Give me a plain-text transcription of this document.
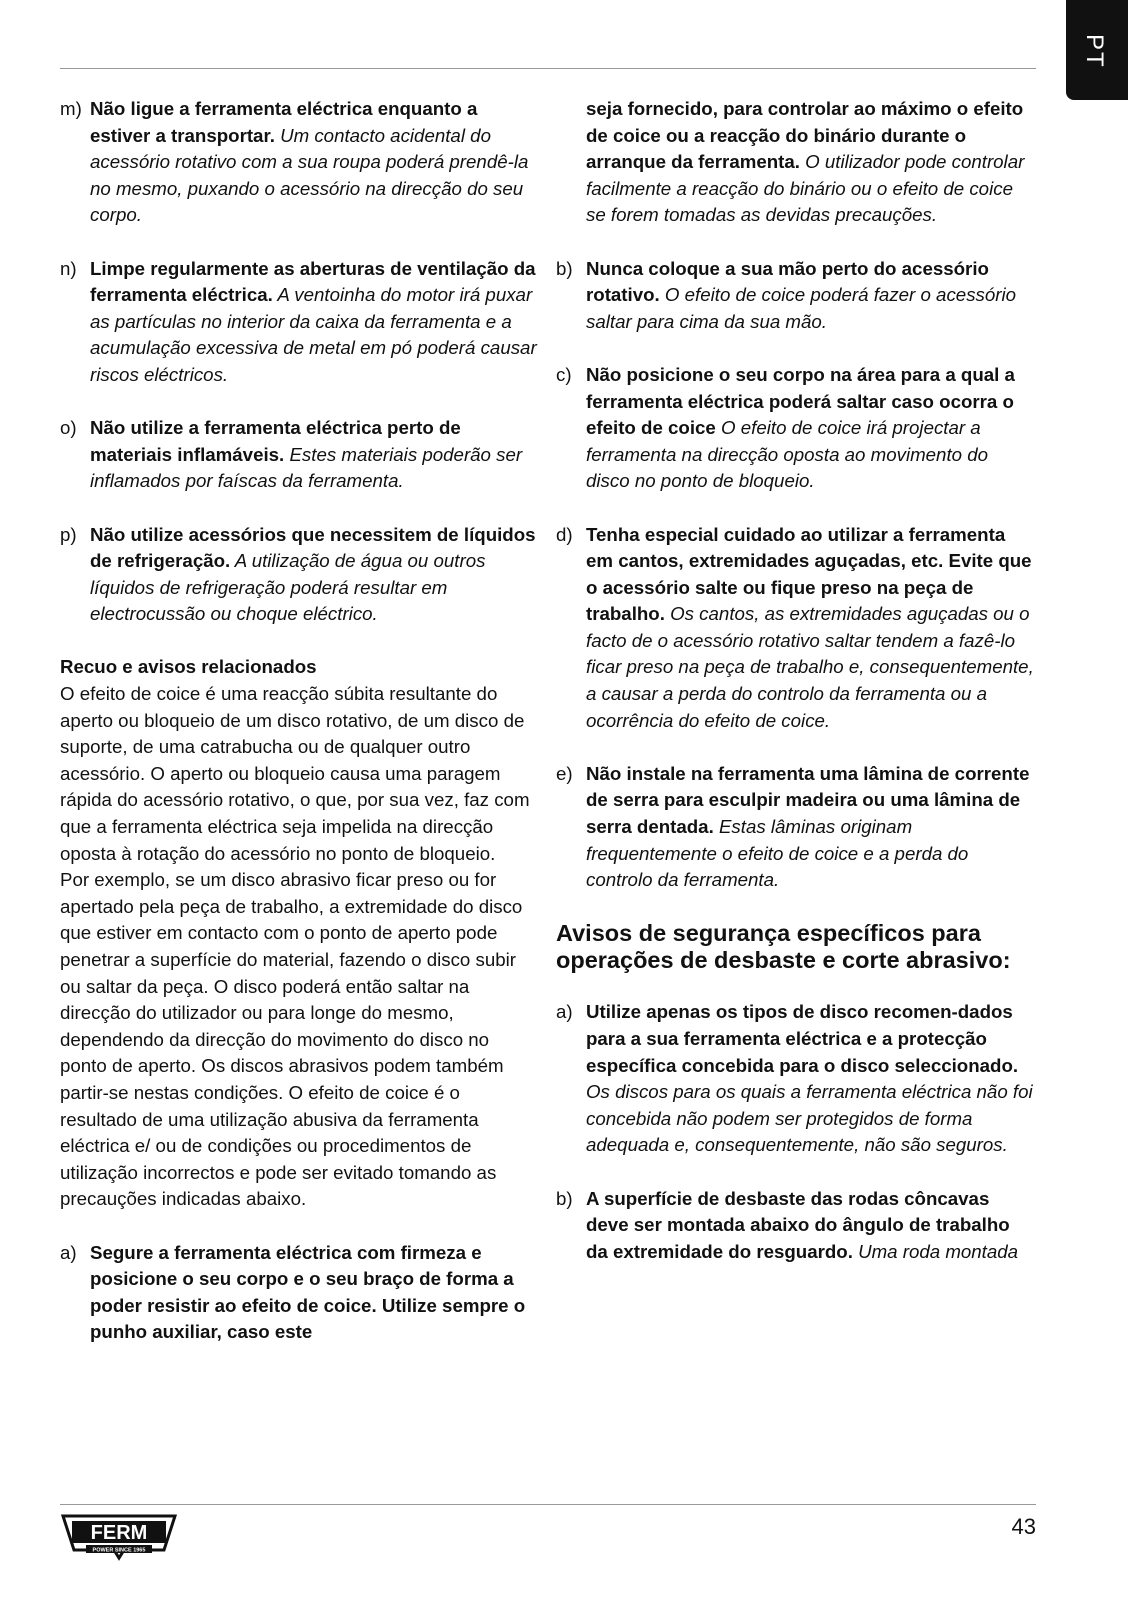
PT
m) Não ligue a ferramenta eléctrica enquanto a estiver a transportar. Um contacto acidental do acessório rotativo com a sua roupa poderá prendê-la no mesmo, puxando o acessório na direcção do seu corpo.
n) Limpe regularmente as aberturas de ventilação da ferramenta eléctrica. A ventoinha do motor irá puxar as partículas no interior da caixa da ferramenta e a acumulação excessiva de metal em pó poderá causar riscos eléctricos.
o) Não utilize a ferramenta eléctrica perto de materiais inflamáveis. Estes materiais poderão ser inflamados por faíscas da ferramenta.
p) Não utilize acessórios que necessitem de líquidos de refrigeração. A utilização de água ou outros líquidos de refrigeração poderá resultar em electrocussão ou choque eléctrico.
Recuo e avisos relacionados

O efeito de coice é uma reacção súbita resultante do aperto ou bloqueio de um disco rotativo, de um disco de suporte, de uma catrabucha ou de qualquer outro acessório. O aperto ou bloqueio causa uma paragem rápida do acessório rotativo, o que, por sua vez, faz com que a ferramenta eléctrica seja impelida na direcção oposta à rotação do acessório no ponto de bloqueio.

Por exemplo, se um disco abrasivo ficar preso ou for apertado pela peça de trabalho, a extremidade do disco que estiver em contacto com o ponto de aperto pode penetrar a superfície do material, fazendo o disco subir ou saltar da peça. O disco poderá então saltar na direcção do utilizador ou para longe do mesmo, dependendo da direcção do movimento do disco no ponto de aperto. Os discos abrasivos podem também partir-se nestas condições. O efeito de coice é o resultado de uma utilização abusiva da ferramenta eléctrica e/ ou de condições ou procedimentos de utilização incorrectos e pode ser evitado tomando as precauções indicadas abaixo.

a) Segure a ferramenta eléctrica com firmeza e posicione o seu corpo e o seu braço de forma a poder resistir ao efeito de coice. Utilize sempre o punho auxiliar, caso este
seja fornecido, para controlar ao máximo o efeito de coice ou a reacção do binário durante o arranque da ferramenta. O utilizador pode controlar facilmente a reacção do binário ou o efeito de coice se forem tomadas as devidas precauções.
b) Nunca coloque a sua mão perto do acessório rotativo. O efeito de coice poderá fazer o acessório saltar para cima da sua mão.
c) Não posicione o seu corpo na área para a qual a ferramenta eléctrica poderá saltar caso ocorra o efeito de coice O efeito de coice irá projectar a ferramenta na direcção oposta ao movimento do disco no ponto de bloqueio.
d) Tenha especial cuidado ao utilizar a ferramenta em cantos, extremidades aguçadas, etc. Evite que o acessório salte ou fique preso na peça de trabalho. Os cantos, as extremidades aguçadas ou o facto de o acessório rotativo saltar tendem a fazê-lo ficar preso na peça de trabalho e, consequentemente, a causar a perda do controlo da ferramenta ou a ocorrência do efeito de coice.
e) Não instale na ferramenta uma lâmina de corrente de serra para esculpir madeira ou uma lâmina de serra dentada. Estas lâminas originam frequentemente o efeito de coice e a perda do controlo da ferramenta.
Avisos de segurança específicos para operações de desbaste e corte abrasivo:
a) Utilize apenas os tipos de disco recomen-dados para a sua ferramenta eléctrica e a protecção específica concebida para o disco seleccionado. Os discos para os quais a ferramenta eléctrica não foi concebida não podem ser protegidos de forma adequada e, consequentemente, não são seguros.
b) A superfície de desbaste das rodas côncavas deve ser montada abaixo do ângulo de trabalho da extremidade do resguardo. Uma roda montada
FERM
POWER SINCE 1965
43
